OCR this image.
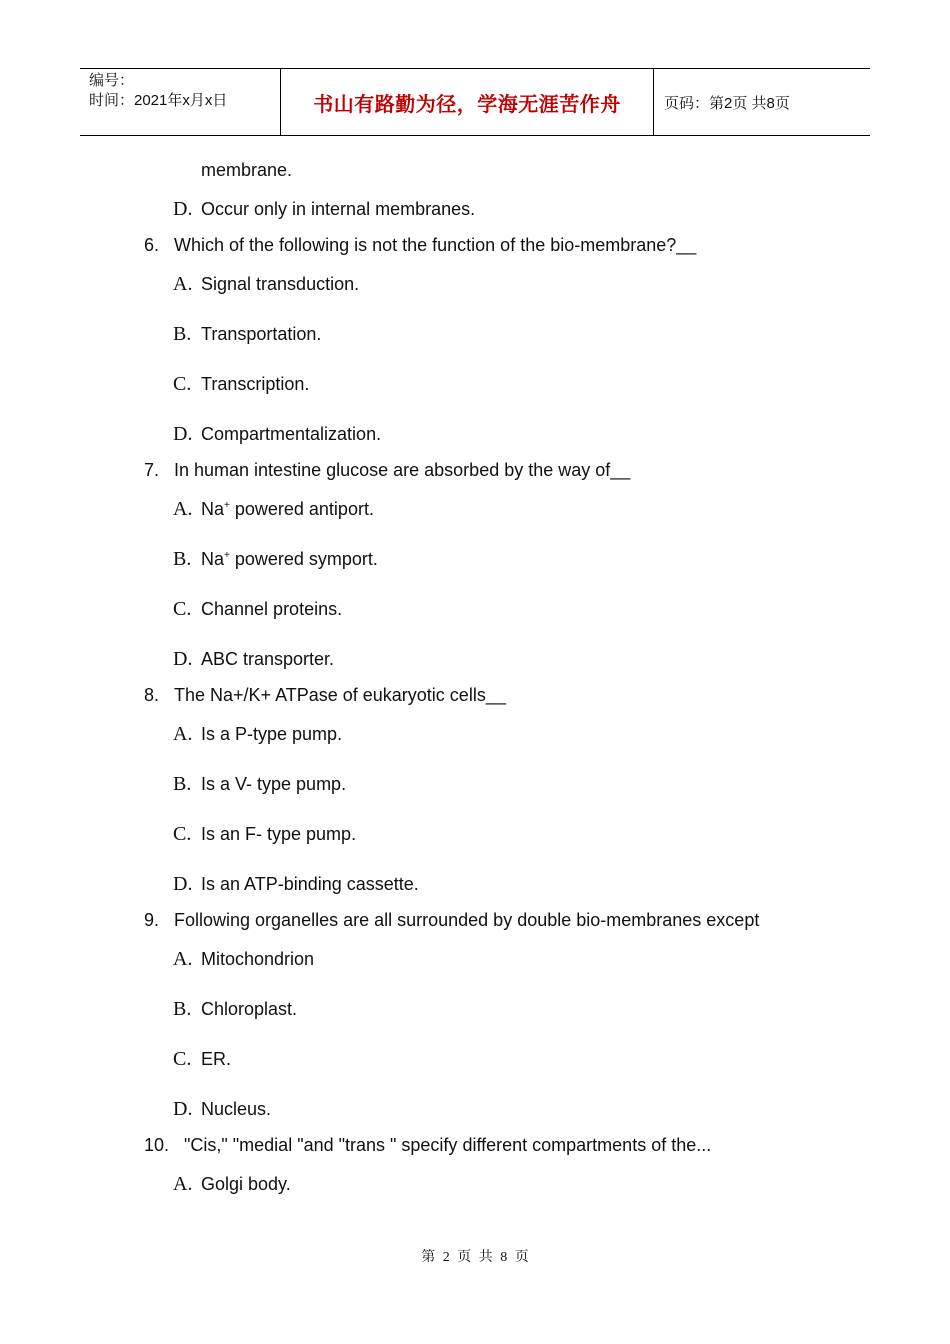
编号：
时间：2021年x月x日	书山有路勤为径，学海无涯苦作舟	页码：第2页 共8页
membrane.
D. Occur only in internal membranes.
6. Which of the following is not the function of the bio-membrane?__
A. Signal transduction.
B. Transportation.
C. Transcription.
D. Compartmentalization.
7. In human intestine glucose are absorbed by the way of__
A. Na+ powered antiport.
B. Na+ powered symport.
C. Channel proteins.
D. ABC transporter.
8. The Na+/K+ ATPase of eukaryotic cells__
A. Is a P-type pump.
B. Is a V- type pump.
C. Is an F- type pump.
D. Is an ATP-binding cassette.
9. Following organelles are all surrounded by double bio-membranes except
A. Mitochondrion
B. Chloroplast.
C. ER.
D. Nucleus.
10. "Cis," "medial "and "trans " specify different compartments of the...
A. Golgi body.
第 2 页 共 8 页
